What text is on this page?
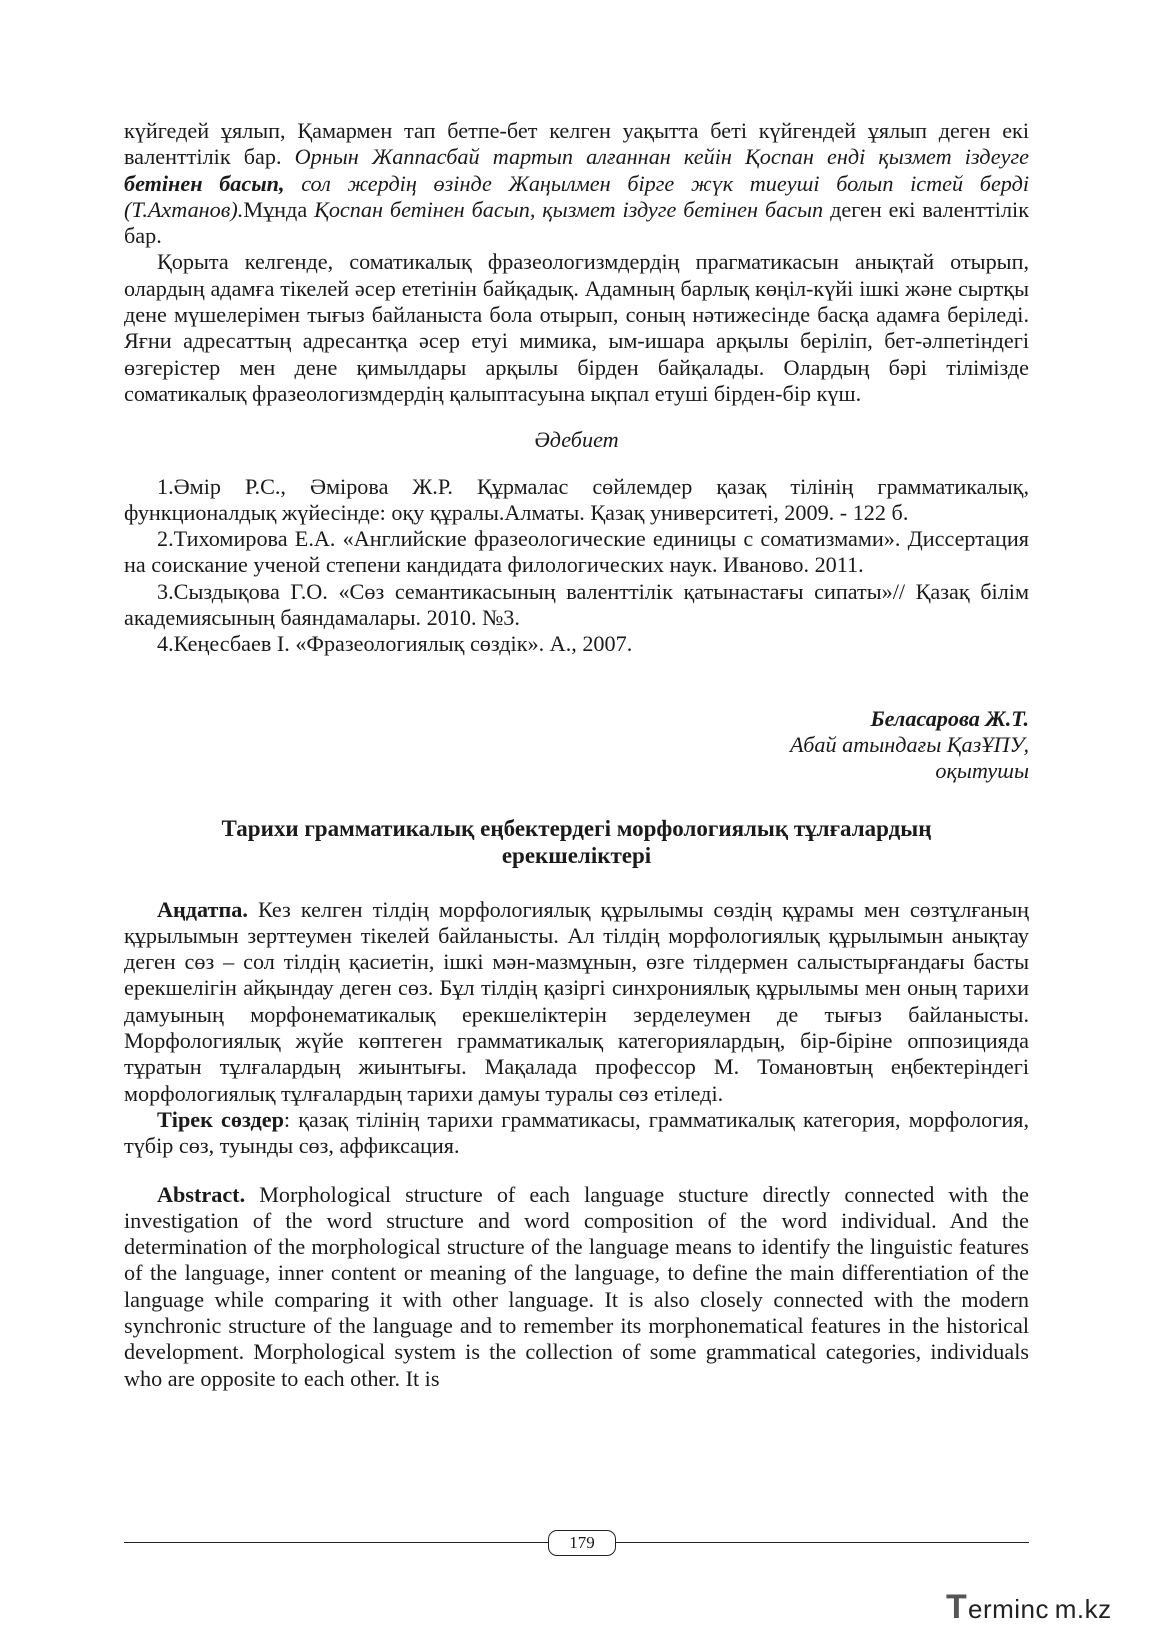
күйгедей ұялып, Қамармен тап бетпе-бет келген уақытта беті күйгендей ұялып деген екі валенттілік бар. Орнын Жаппасбай тартып алғаннан кейін Қоспан енді қызмет іздеуге бетінен басып, сол жердің өзінде Жаңылмен бірге жүк тиеуші болып істей берді (Т.Ахтанов).Мұнда Қоспан бетінен басып, қызмет іздуге бетінен басып деген екі валенттілік бар.

Қорыта келгенде, соматикалық фразеологизмдердің прагматикасын анықтай отырып, олардың адамға тікелей әсер ететінін байқадық. Адамның барлық көңіл-күйі ішкі және сыртқы дене мүшелерімен тығыз байланыста бола отырып, соның нәтижесінде басқа адамға беріледі. Яғни адресаттың адресантқа әсер етуі мимика, ым-ишара арқылы беріліп, бет-әлпетіндегі өзгерістер мен дене қимылдары арқылы бірден байқалады. Олардың бәрі тілімізде соматикалық фразеологизмдердің қалыптасуына ықпал етуші бірден-бір күш.

Әдебиет

1.Әмір Р.С., Әмірова Ж.Р. Құрмалас сөйлемдер қазақ тілінің грамматикалық, функционалдық жүйесінде: оқу құралы.Алматы. Қазақ университеті, 2009. - 122 б.

2.Тихомирова Е.А. «Английские фразеологические единицы с соматизмами». Диссертация на соискание ученой степени кандидата филологических наук. Иваново. 2011.

3.Сыздықова Г.О. «Сөз семантикасының валенттілік қатынастағы сипаты»// Қазақ білім академиясының баяндамалары. 2010. №3.

4.Кеңесбаев І. «Фразеологиялық сөздік». А., 2007.

Беласарова Ж.Т.

Абай атындағы ҚазҰПУ,

оқытушы

Тарихи грамматикалық еңбектердегі морфологиялық тұлғалардың ерекшеліктері

Аңдатпа. Кез келген тілдің морфологиялық құрылымы сөздің құрамы мен сөзтұлғаның құрылымын зерттеумен тікелей байланысты. Ал тілдің морфологиялық құрылымын анықтау деген сөз – сол тілдің қасиетін, ішкі мән-мазмұнын, өзге тілдермен салыстырғандағы басты ерекшелігін айқындау деген сөз. Бұл тілдің қазіргі синхрониялық құрылымы мен оның тарихи дамуының морфонематикалық ерекшеліктерін зерделеумен де тығыз байланысты. Морфологиялық жүйе көптеген грамматикалық категориялардың, бір-біріне оппозицияда тұратын тұлғалардың жиынтығы. Мақалада профессор М. Томановтың еңбектеріндегі морфологиялық тұлғалардың тарихи дамуы туралы сөз етіледі.

Тірек сөздер: қазақ тілінің тарихи грамматикасы, грамматикалық категория, морфология, түбір сөз, туынды сөз, аффиксация.

Abstract. Morphological structure of each language stucture directly connected with the investigation of the word structure and word composition of the word individual. And the determination of the morphological structure of the language means to identify the linguistic features of the language, inner content or meaning of the language, to define the main differentiation of the language while comparing it with other language. It is also closely connected with the modern synchronic structure of the language and to remember its morphonematical features in the historical development. Morphological system is the collection of some grammatical categories, individuals who are opposite to each other. It is

179
T erminc m.kz
